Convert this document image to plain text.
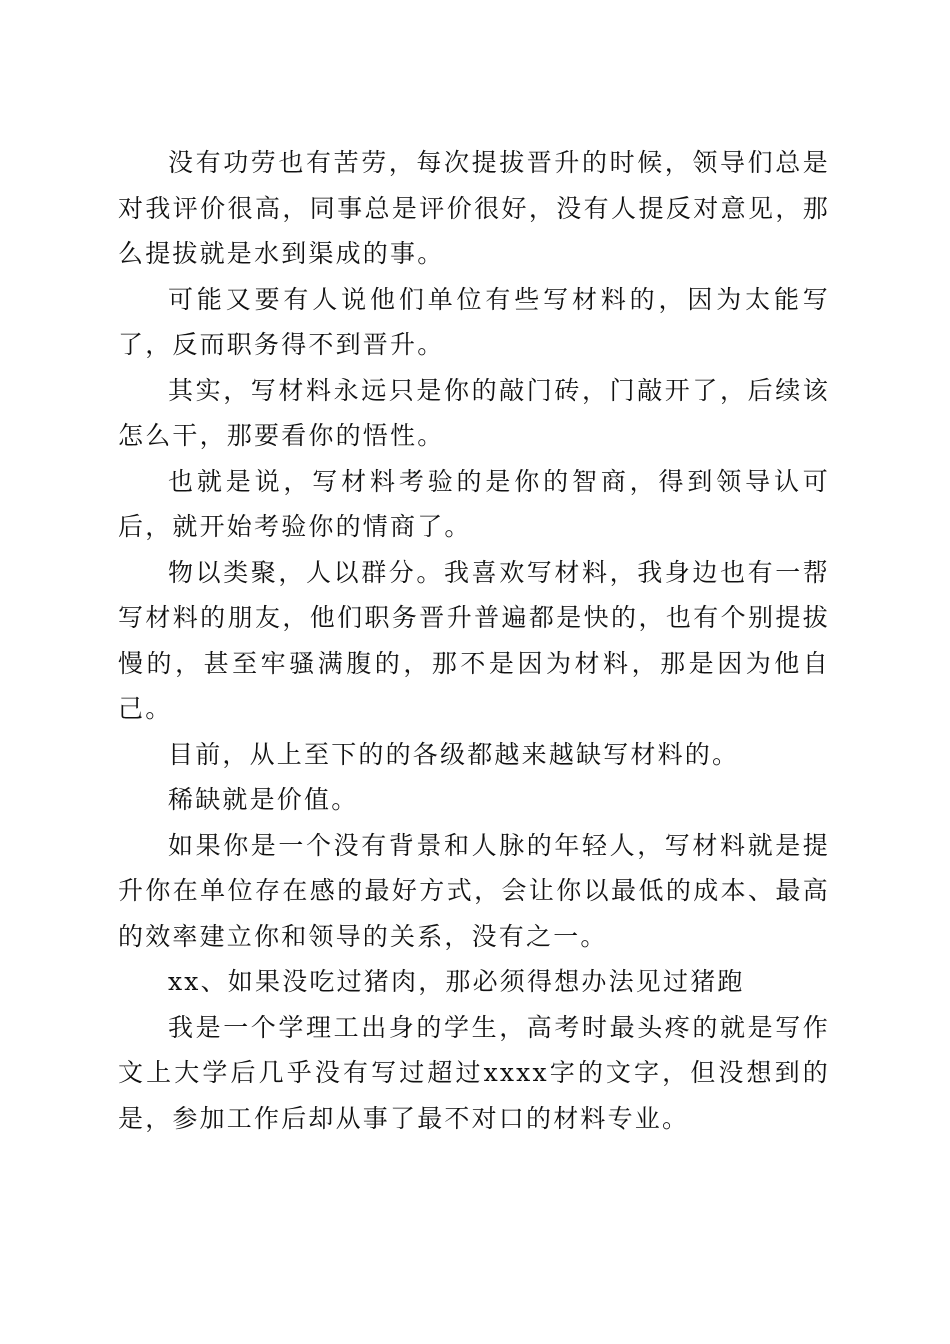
没有功劳也有苦劳，每次提拔晋升的时候，领导们总是对我评价很高，同事总是评价很好，没有人提反对意见，那么提拔就是水到渠成的事。

可能又要有人说他们单位有些写材料的，因为太能写了，反而职务得不到晋升。

其实，写材料永远只是你的敲门砖，门敲开了，后续该怎么干，那要看你的悟性。

也就是说，写材料考验的是你的智商，得到领导认可后，就开始考验你的情商了。

物以类聚，人以群分。我喜欢写材料，我身边也有一帮写材料的朋友，他们职务晋升普遍都是快的，也有个别提拔慢的，甚至牢骚满腹的，那不是因为材料，那是因为他自己。

目前，从上至下的的各级都越来越缺写材料的。

稀缺就是价值。

如果你是一个没有背景和人脉的年轻人，写材料就是提升你在单位存在感的最好方式，会让你以最低的成本、最高的效率建立你和领导的关系，没有之一。

xx、如果没吃过猪肉，那必须得想办法见过猪跑

我是一个学理工出身的学生，高考时最头疼的就是写作文上大学后几乎没有写过超过xxxx字的文字，但没想到的是，参加工作后却从事了最不对口的材料专业。
